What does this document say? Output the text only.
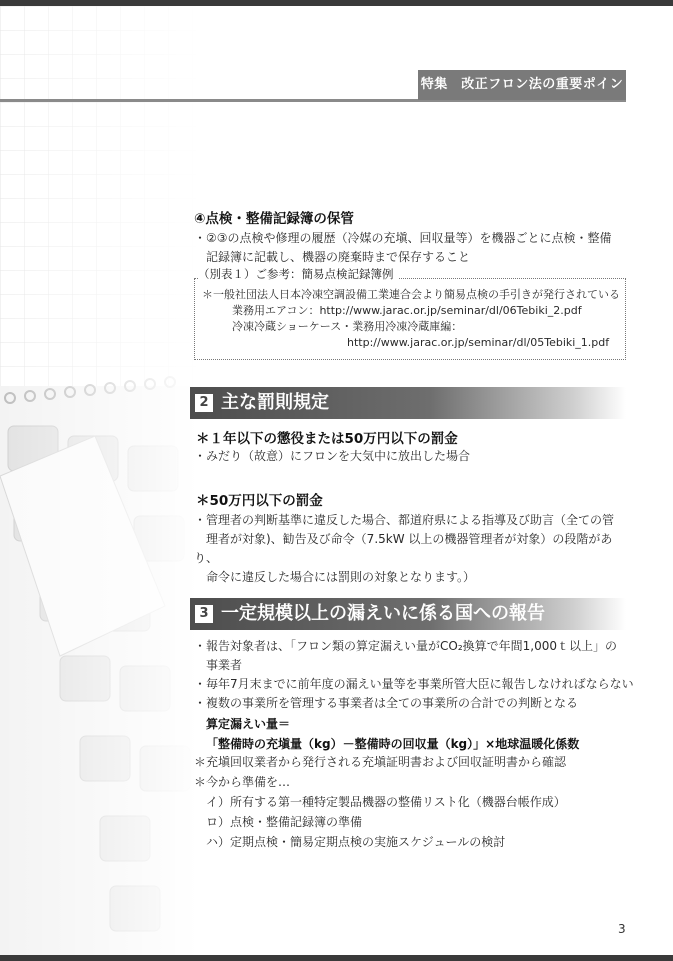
特集　改正フロン法の重要ポイント
④点検・整備記録簿の保管
・②③の点検や修理の履歴（冷媒の充塡、回収量等）を機器ごとに点検・整備
　記録簿に記載し、機器の廃棄時まで保存すること
（別表１）ご参考：簡易点検記録簿例
＊一般社団法人日本冷凍空調設備工業連合会より簡易点検の手引きが発行されている
業務用エアコン：http://www.jarac.or.jp/seminar/dl/06Tebiki_2.pdf
冷凍冷蔵ショーケース・業務用冷凍冷蔵庫編：
http://www.jarac.or.jp/seminar/dl/05Tebiki_1.pdf
2 主な罰則規定
＊１年以下の懲役または50万円以下の罰金
・みだり（故意）にフロンを大気中に放出した場合
＊50万円以下の罰金
・管理者の判断基準に違反した場合、都道府県による指導及び助言（全ての管
　理者が対象)、勧告及び命令（7.5kW 以上の機器管理者が対象）の段階があり、
　命令に違反した場合には罰則の対象となります。）
3 一定規模以上の漏えいに係る国への報告
・報告対象者は、「フロン類の算定漏えい量がCO₂換算で年間1,000ｔ以上」の
　事業者
・毎年7月末までに前年度の漏えい量等を事業所管大臣に報告しなければならない
・複数の事業所を管理する事業者は全ての事業所の合計での判断となる
算定漏えい量＝
「整備時の充塡量（kg）－整備時の回収量（kg）」×地球温暖化係数
＊充塡回収業者から発行される充塡証明書および回収証明書から確認
＊今から準備を…
イ）所有する第一種特定製品機器の整備リスト化（機器台帳作成）
ロ）点検・整備記録簿の準備
ハ）定期点検・簡易定期点検の実施スケジュールの検討
3
